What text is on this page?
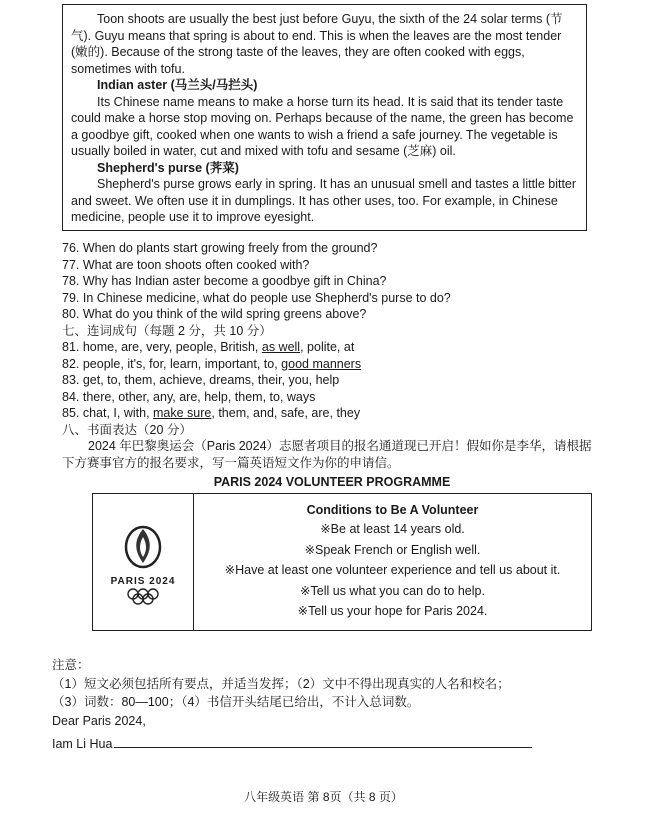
Toon shoots are usually the best just before Guyu, the sixth of the 24 solar terms (节气). Guyu means that spring is about to end. This is when the leaves are the most tender (嫩的). Because of the strong taste of the leaves, they are often cooked with eggs, sometimes with tofu.

Indian aster (马兰头/马拦头)

Its Chinese name means to make a horse turn its head. It is said that its tender taste could make a horse stop moving on. Perhaps because of the name, the green has become a goodbye gift, cooked when one wants to wish a friend a safe journey. The vegetable is usually boiled in water, cut and mixed with tofu and sesame (芝麻) oil.

Shepherd's purse (荠菜)

Shepherd's purse grows early in spring. It has an unusual smell and tastes a little bitter and sweet. We often use it in dumplings. It has other uses, too. For example, in Chinese medicine, people use it to improve eyesight.

76. When do plants start growing freely from the ground?

77. What are toon shoots often cooked with?

78. Why has Indian aster become a goodbye gift in China?

79. In Chinese medicine, what do people use Shepherd's purse to do?

80. What do you think of the wild spring greens above?

七、连词成句（每题 2 分，共 10 分）

81. home, are, very, people, British, as well, polite, at

82. people, it's, for, learn, important, to, good manners

83. get, to, them, achieve, dreams, their, you, help

84. there, other, any, are, help, them, to, ways

85. chat, I, with, make sure, them, and, safe, are, they

八、书面表达（20 分）

2024 年巴黎奥运会（Paris 2024）志愿者项目的报名通道现已开启！假如你是李华，请根据下方赛事官方的报名要求，写一篇英语短文作为你的申请信。

PARIS 2024 VOLUNTEER PROGRAMME

PARIS 2024

Conditions to Be A Volunteer

※Be at least 14 years old.

※Speak French or English well.

※Have at least one volunteer experience and tell us about it.

※Tell us what you can do to help.

※Tell us your hope for Paris 2024.

注意：

（1）短文必须包括所有要点，并适当发挥；（2）文中不得出现真实的人名和校名；

（3）词数：80—100；（4）书信开头结尾已给出，不计入总词数。

Dear Paris 2024,

Iam Li Hua

八年级英语 第 8页（共 8 页）
